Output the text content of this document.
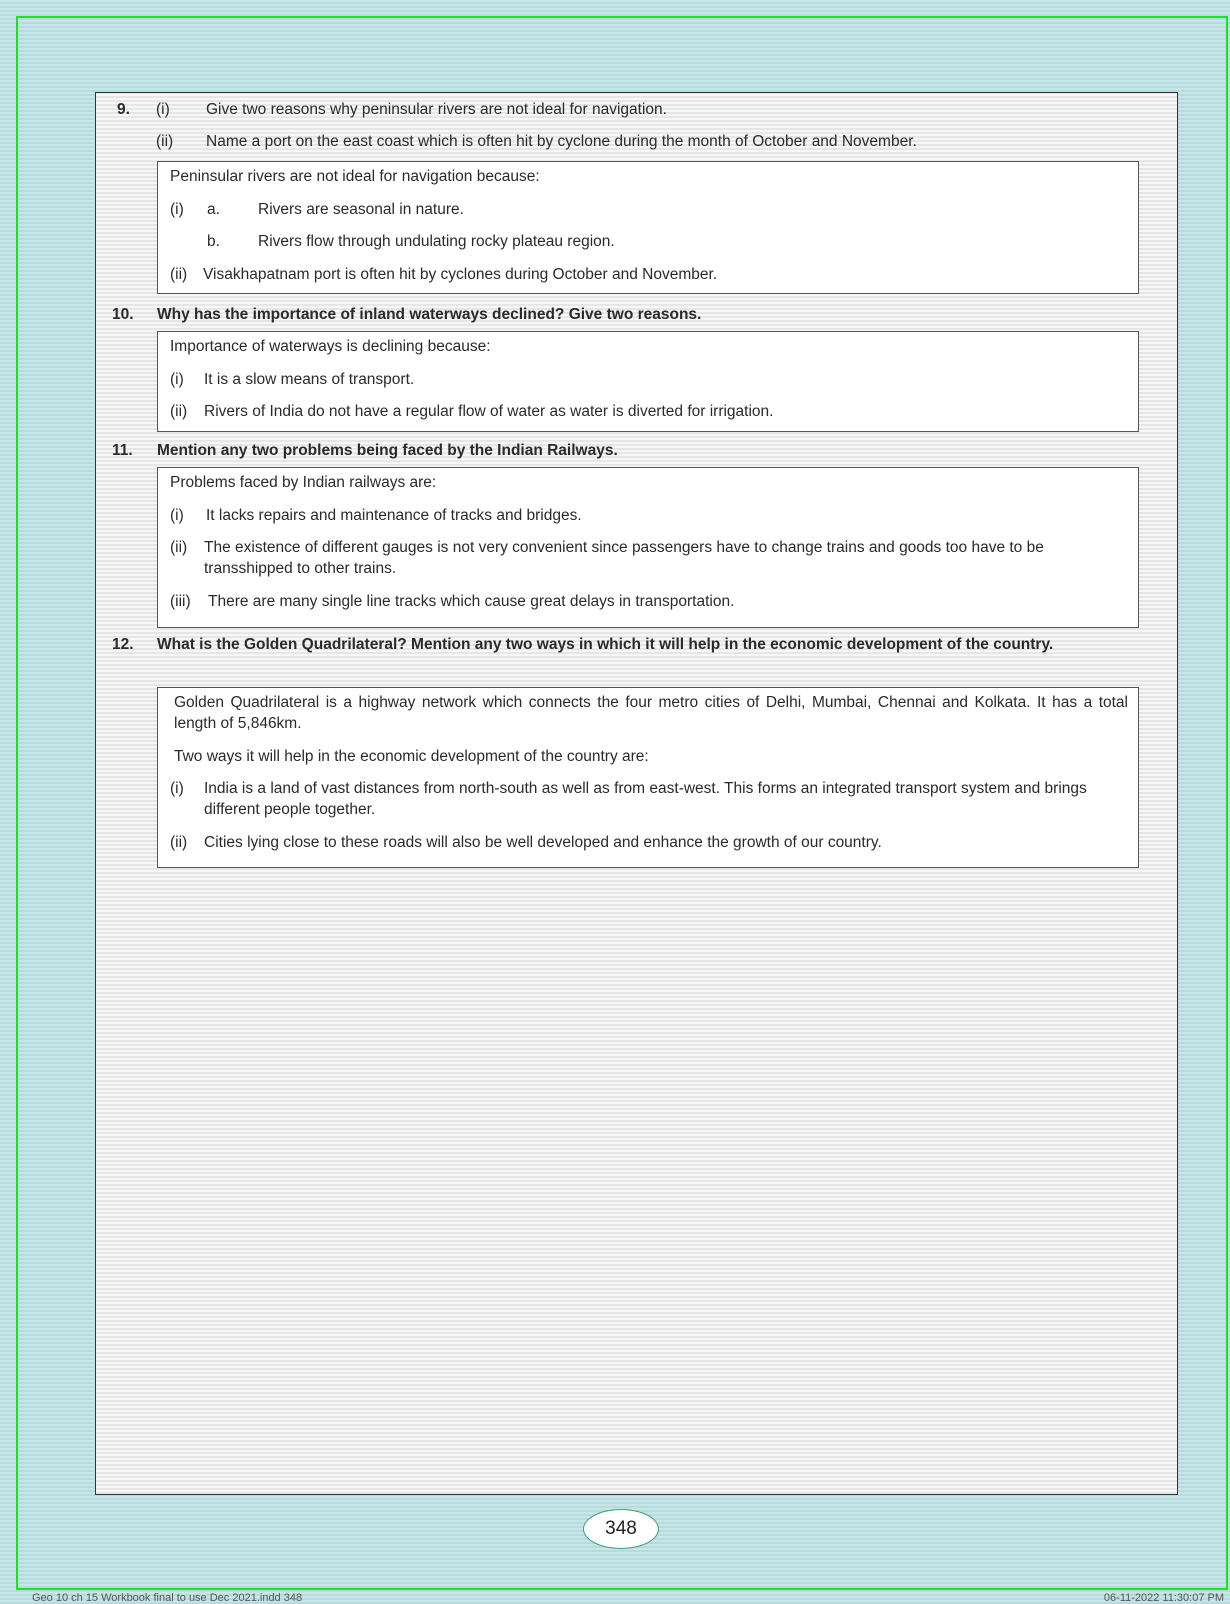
9. (i) Give two reasons why peninsular rivers are not ideal for navigation.
(ii) Name a port on the east coast which is often hit by cyclone during the month of October and November.

Peninsular rivers are not ideal for navigation because:

(i) a. Rivers are seasonal in nature.

b. Rivers flow through undulating rocky plateau region.

(ii) Visakhapatnam port is often hit by cyclones during October and November.

10. Why has the importance of inland waterways declined? Give two reasons.

Importance of waterways is declining because:

(i) It is a slow means of transport.

(ii) Rivers of India do not have a regular flow of water as water is diverted for irrigation.

11. Mention any two problems being faced by the Indian Railways.

Problems faced by Indian railways are:

(i) It lacks repairs and maintenance of tracks and bridges.

(ii) The existence of different gauges is not very convenient since passengers have to change trains and goods too have to be transshipped to other trains.

(iii) There are many single line tracks which cause great delays in transportation.

12. What is the Golden Quadrilateral? Mention any two ways in which it will help in the economic development of the country.

Golden Quadrilateral is a highway network which connects the four metro cities of Delhi, Mumbai, Chennai and Kolkata. It has a total length of 5,846km.

Two ways it will help in the economic development of the country are:

(i) India is a land of vast distances from north-south as well as from east-west. This forms an integrated transport system and brings different people together.

(ii) Cities lying close to these roads will also be well developed and enhance the growth of our country.

348
Geo 10 ch 15 Workbook final to use Dec 2021.indd 348	06-11-2022 11:30:07 PM
